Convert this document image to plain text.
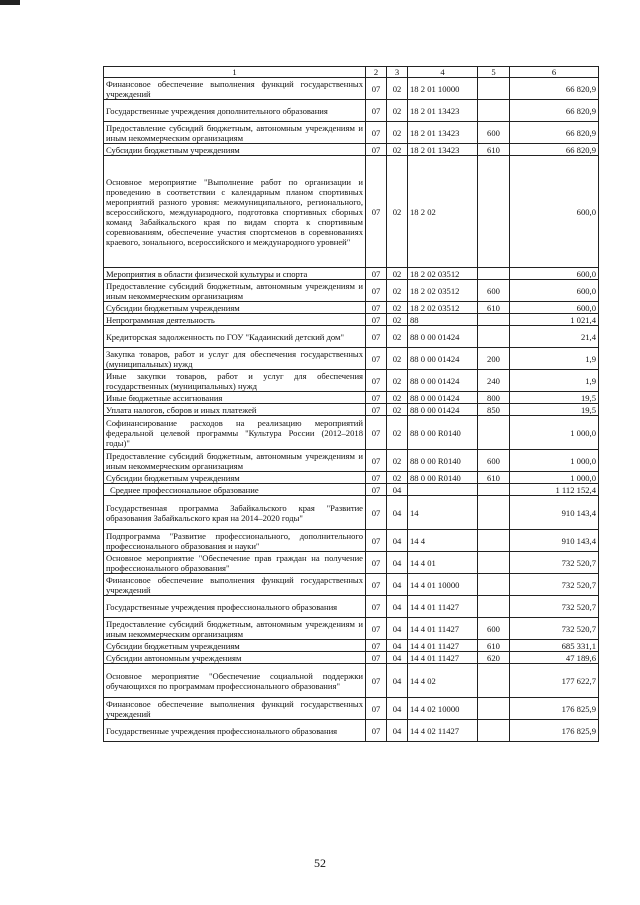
1	2	3	4	5	6
Финансовое обеспечение выполнения функций государственных учреждений	07	02	18 2 01 10000		66 820,9
Государственные учреждения дополнительного образования	07	02	18 2 01 13423		66 820,9
Предоставление субсидий бюджетным, автономным учреждениям и иным некоммерческим организациям	07	02	18 2 01 13423	600	66 820,9
Субсидии бюджетным учреждениям	07	02	18 2 01 13423	610	66 820,9
Основное мероприятие "Выполнение работ по организации и проведению в соответствии с календарным планом спортивных мероприятий разного уровня: межмуниципального, регионального, всероссийского, международного, подготовка спортивных сборных команд Забайкальского края по видам спорта к спортивным соревнованиям, обеспечение участия спортсменов в соревнованиях краевого, зонального, всероссийского и международного уровней"	07	02	18 2 02		600,0
Мероприятия в области физической культуры и спорта	07	02	18 2 02 03512		600,0
Предоставление субсидий бюджетным, автономным учреждениям и иным некоммерческим организациям	07	02	18 2 02 03512	600	600,0
Субсидии бюджетным учреждениям	07	02	18 2 02 03512	610	600,0
Непрограммная деятельность	07	02	88		1 021,4
Кредиторская задолженность по ГОУ "Кадаинский детский дом"	07	02	88 0 00 01424		21,4
Закупка товаров, работ и услуг для обеспечения государственных (муниципальных) нужд	07	02	88 0 00 01424	200	1,9
Иные закупки товаров, работ и услуг для обеспечения государственных (муниципальных) нужд	07	02	88 0 00 01424	240	1,9
Иные бюджетные ассигнования	07	02	88 0 00 01424	800	19,5
Уплата налогов, сборов и иных платежей	07	02	88 0 00 01424	850	19,5
Софинансирование расходов на реализацию мероприятий федеральной целевой программы "Культура России (2012–2018 годы)"	07	02	88 0 00 R0140		1 000,0
Предоставление субсидий бюджетным, автономным учреждениям и иным некоммерческим организациям	07	02	88 0 00 R0140	600	1 000,0
Субсидии бюджетным учреждениям	07	02	88 0 00 R0140	610	1 000,0
Среднее профессиональное образование	07	04			1 112 152,4
Государственная программа Забайкальского края "Развитие образования Забайкальского края на 2014–2020 годы"	07	04	14		910 143,4
Подпрограмма "Развитие профессионального, дополнительного профессионального образования и науки"	07	04	14 4		910 143,4
Основное мероприятие "Обеспечение прав граждан на получение профессионального образования"	07	04	14 4 01		732 520,7
Финансовое обеспечение выполнения функций государственных учреждений	07	04	14 4 01 10000		732 520,7
Государственные учреждения профессионального образования	07	04	14 4 01 11427		732 520,7
Предоставление субсидий бюджетным, автономным учреждениям и иным некоммерческим организациям	07	04	14 4 01 11427	600	732 520,7
Субсидии бюджетным учреждениям	07	04	14 4 01 11427	610	685 331,1
Субсидии автономным учреждениям	07	04	14 4 01 11427	620	47 189,6
Основное мероприятие "Обеспечение социальной поддержки обучающихся по программам профессионального образования"	07	04	14 4 02		177 622,7
Финансовое обеспечение выполнения функций государственных учреждений	07	04	14 4 02 10000		176 825,9
Государственные учреждения профессионального образования	07	04	14 4 02 11427		176 825,9
52
